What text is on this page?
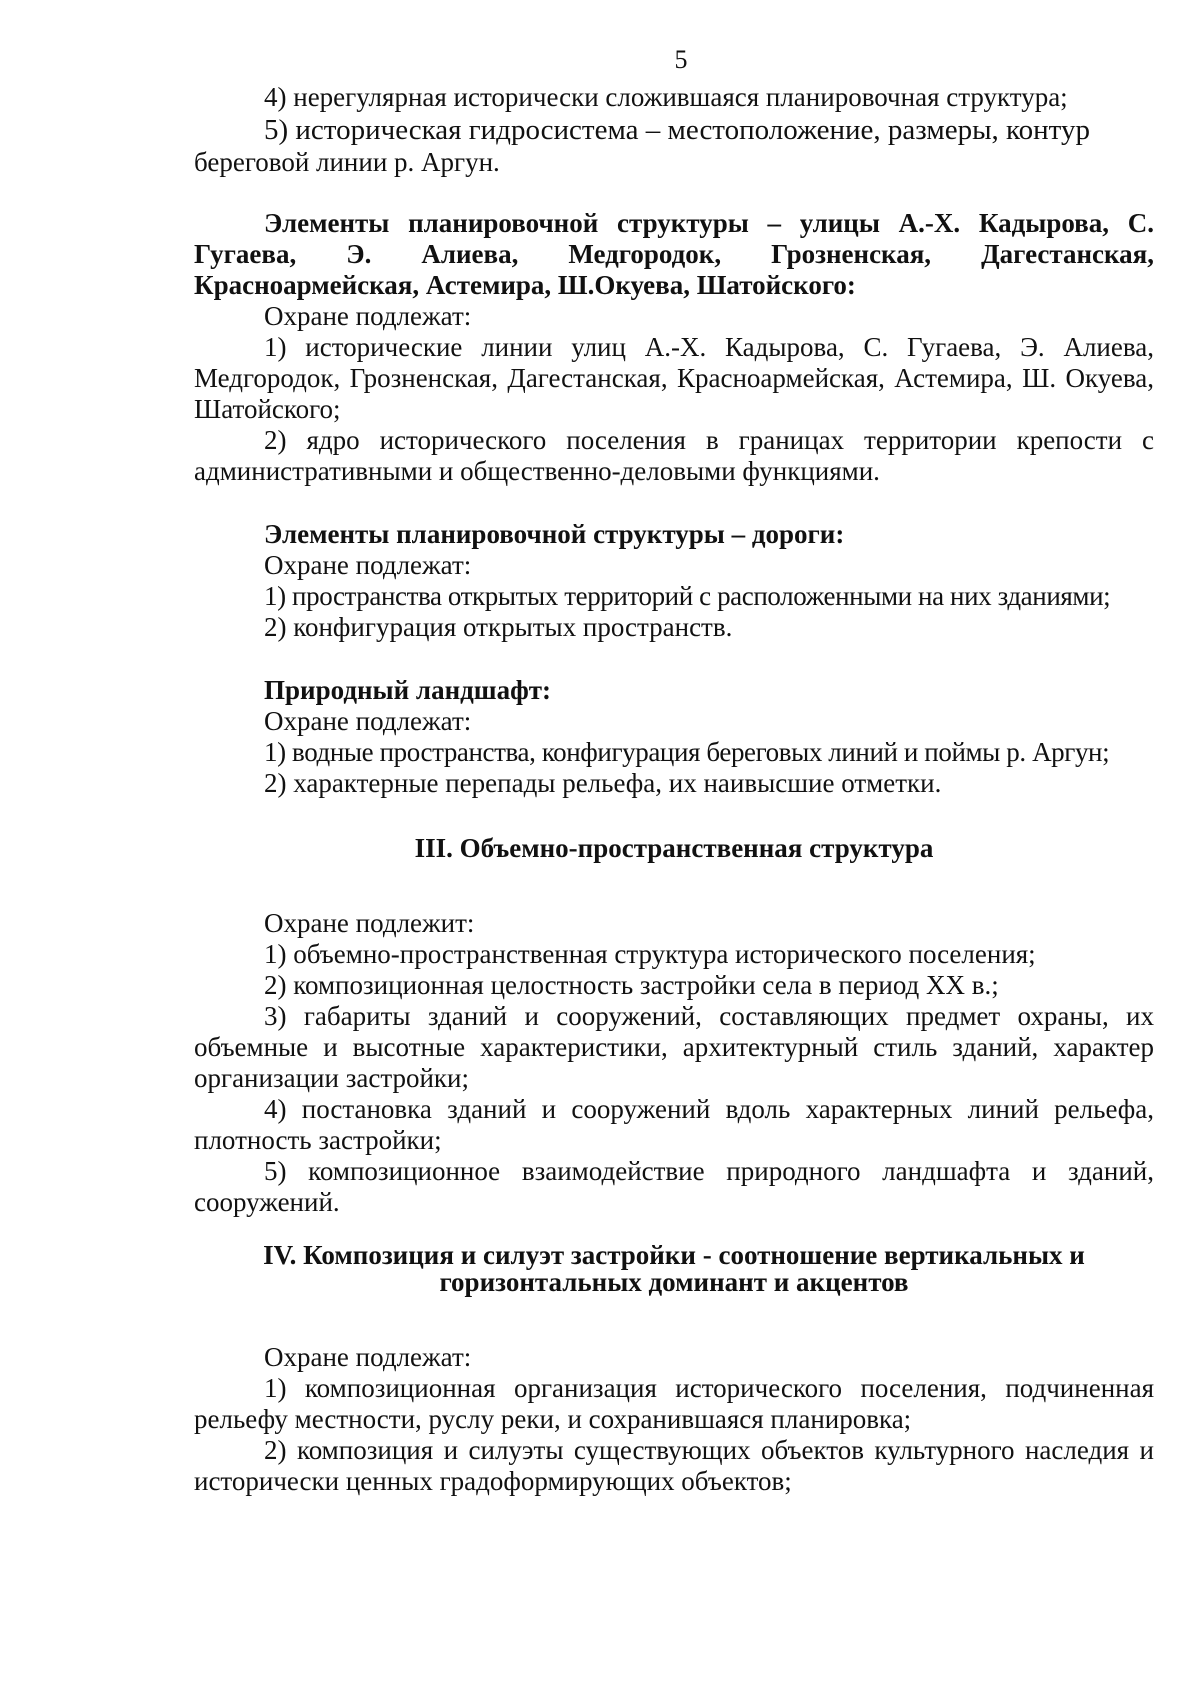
5

4) нерегулярная исторически сложившаяся планировочная структура;

5) историческая гидросистема – местоположение, размеры, контур

береговой линии р. Аргун.

Элементы планировочной структуры – улицы А.-Х. Кадырова, С. Гугаева, Э. Алиева, Медгородок, Грозненская, Дагестанская, Красноармейская, Астемира, Ш.Окуева, Шатойского:

Охране подлежат:

1) исторические линии улиц А.-Х. Кадырова, С. Гугаева, Э. Алиева, Медгородок, Грозненская, Дагестанская, Красноармейская, Астемира, Ш. Окуева, Шатойского;

2) ядро исторического поселения в границах территории крепости с административными и общественно-деловыми функциями.

Элементы планировочной структуры – дороги:

Охране подлежат:

1) пространства открытых территорий с расположенными на них зданиями;

2) конфигурация открытых пространств.

Природный ландшафт:

Охране подлежат:

1) водные пространства, конфигурация береговых линий и поймы р. Аргун;

2) характерные перепады рельефа, их наивысшие отметки.

III. Объемно-пространственная структура

Охране подлежит:

1) объемно-пространственная структура исторического поселения;

2) композиционная целостность застройки села в период XX в.;

3) габариты зданий и сооружений, составляющих предмет охраны, их объемные и высотные характеристики, архитектурный стиль зданий, характер организации застройки;

4) постановка зданий и сооружений вдоль характерных линий рельефа, плотность застройки;

5) композиционное взаимодействие природного ландшафта и зданий, сооружений.

IV. Композиция и силуэт застройки - соотношение вертикальных и
горизонтальных доминант и акцентов

Охране подлежат:

1) композиционная организация исторического поселения, подчиненная рельефу местности, руслу реки, и сохранившаяся планировка;

2) композиция и силуэты существующих объектов культурного наследия и исторически ценных градоформирующих объектов;
